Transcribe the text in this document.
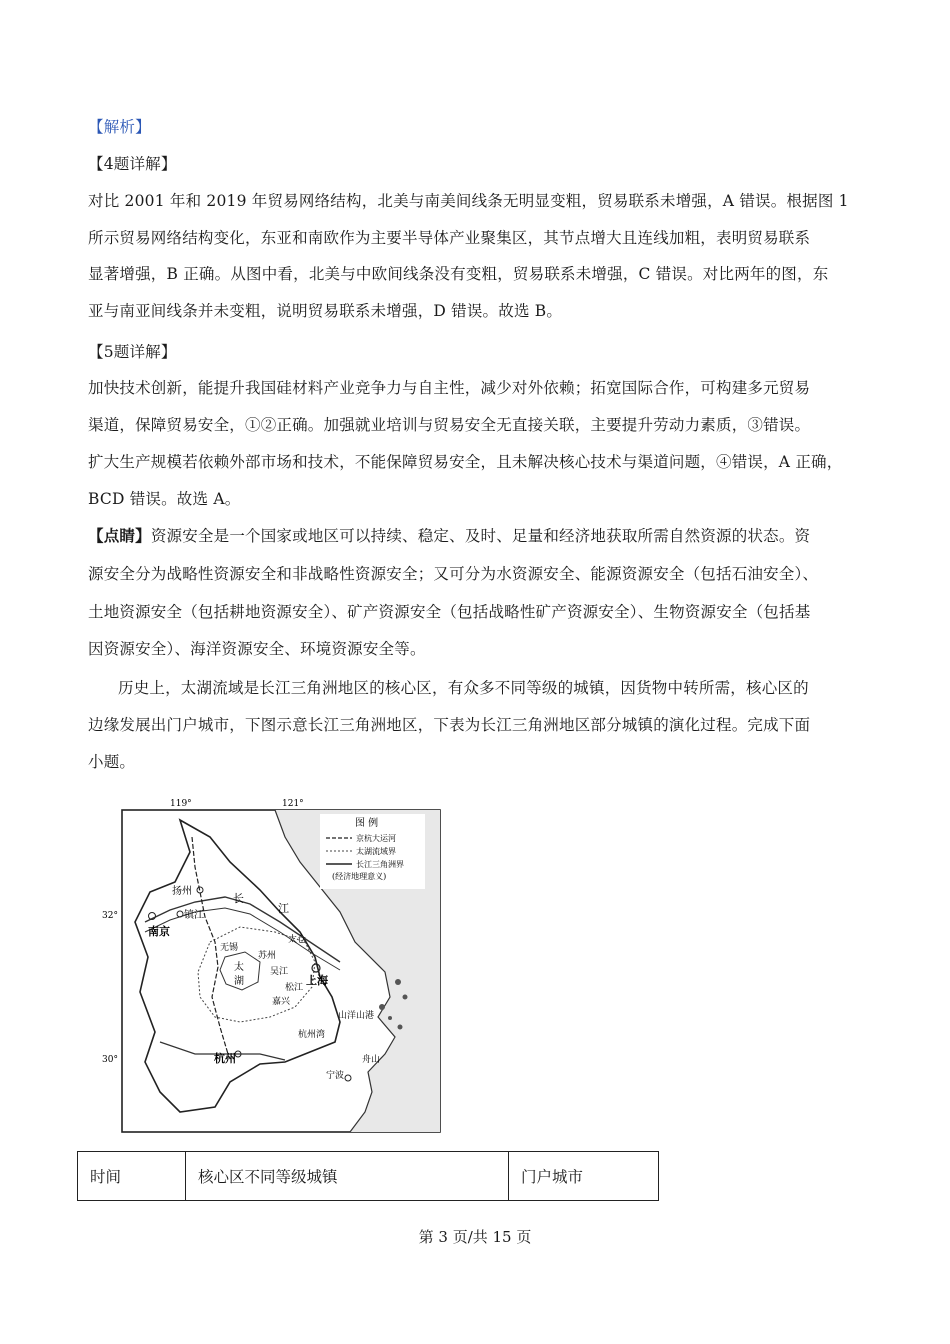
【解析】
【4题详解】
对比 2001 年和 2019 年贸易网络结构，北美与南美间线条无明显变粗，贸易联系未增强，A 错误。根据图 1
所示贸易网络结构变化，东亚和南欧作为主要半导体产业聚集区，其节点增大且连线加粗，表明贸易联系
显著增强，B 正确。从图中看，北美与中欧间线条没有变粗，贸易联系未增强，C 错误。对比两年的图，东
亚与南亚间线条并未变粗，说明贸易联系未增强，D 错误。故选 B。
【5题详解】
加快技术创新，能提升我国硅材料产业竞争力与自主性，减少对外依赖；拓宽国际合作，可构建多元贸易
渠道，保障贸易安全，①②正确。加强就业培训与贸易安全无直接关联，主要提升劳动力素质，③错误。
扩大生产规模若依赖外部市场和技术，不能保障贸易安全，且未解决核心技术与渠道问题，④错误，A 正确，
BCD 错误。故选 A。
【点睛】资源安全是一个国家或地区可以持续、稳定、及时、足量和经济地获取所需自然资源的状态。资
源安全分为战略性资源安全和非战略性资源安全；又可分为水资源安全、能源资源安全（包括石油安全）、
土地资源安全（包括耕地资源安全）、矿产资源安全（包括战略性矿产资源安全）、生物资源安全（包括基
因资源安全）、海洋资源安全、环境资源安全等。
历史上，太湖流域是长江三角洲地区的核心区，有众多不同等级的城镇，因货物中转所需，核心区的
边缘发展出门户城市，下图示意长江三角洲地区，下表为长江三角洲地区部分城镇的演化过程。完成下面
小题。
图 例
京杭大运河
太湖流域界
长江三角洲界
(经济地理意义)
119°	121°
32°
30°
扬州
镇江
南京
长
江
无锡
太仓
苏州
吴江
松江
上海
太
湖
嘉兴
杭州
杭州湾
山洋山港
舟山
宁波
时间	核心区不同等级城镇	门户城市
第 3 页/共 15 页
